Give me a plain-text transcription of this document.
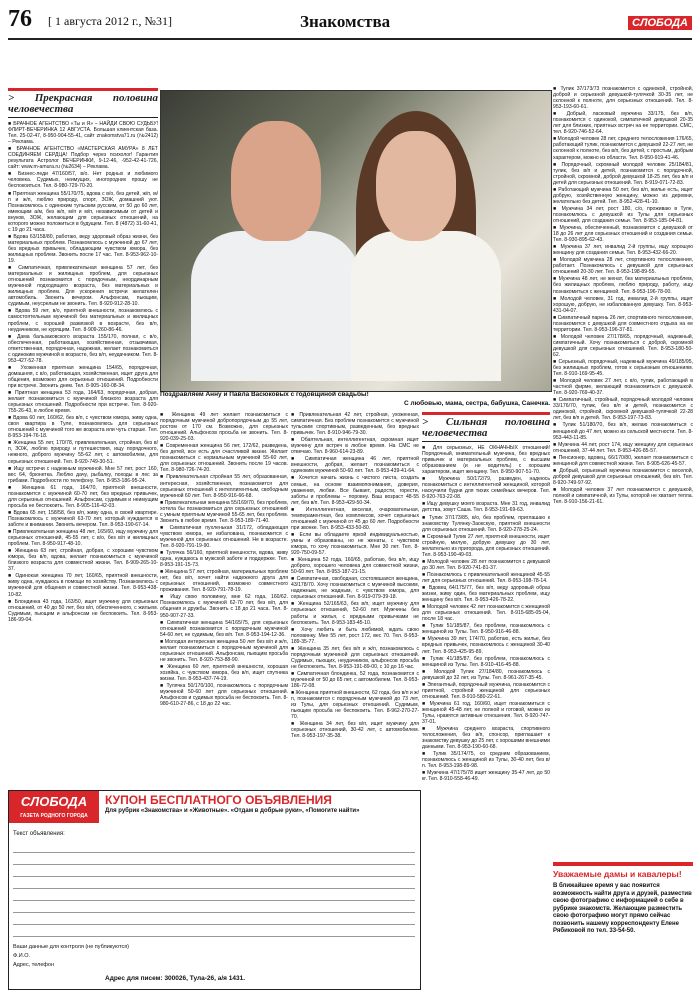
76 [ 1 августа 2012 г., №31]	Знакомства	СЛОБОДА
> Прекрасная половина человечества

■ БРАЧНОЕ АГЕНТСТВО «Ты и Я» – НАЙДИ СВОЮ СУДЬБУ! ФЛИРТ-ВЕЧЕРИНКА 12 АВГУСТА. Большая клиентская база. Тел. 25-02-47, 8-950-904-55-41, сайт znakomstva71.ru (№2412) – Реклама.

■ БРАЧНОЕ АГЕНТСТВО «МАСТЕРСКАЯ АМУРА» 8 ЛЕТ СОЕДИНЯЕМ СЕРДЦА! Подбор через психолог! Гарантия результата Астролог ВЕЧЕРИНКИ, 9-12-46, -952-42-41-726, сайт: www.m-amura.ru (№2634) – Реклама.

■ Бизнес-леди 47/160/57, в/о. Нет родных и любимого человека. Судимых, неимущих, иногородних прошу не беспокоиться. Тел. 8-980-729-70-20.

■ Приятная женщина 55/170/75, вдова с в/о, без детей, ж/п, м/п и ж/п, люблю природу, спорт, ЗОЖ, домашний уют. Познакомлюсь с одиноким тульским русским, от 50 до 60 лет, имеющим а/м, без ж/п, м/п и м/п, независимым от детей и внуков, ЗОЖ, желающим для серьезных отношений, на которого можно положиться в будущем. Тел. 8 (4872) 31-60-41, с 19 до 21 часа.

■ Вдова 63/158/80, работаю, веду здоровый образ жизни, без материальных проблем. Познакомлюсь с мужчиной до 67 лет, без вредных привычек, обладающим чувством юмора, без жилищных проблем. Звонить после 17 час. Тел. 8-953-962-10-19.

■ Симпатичная, привлекательная женщина 57 лет, без материальных и жилищных проблем, для серьезных отношений познакомится с порядочным, неординарным мужчиной подходящего возраста, без материальных и жилищных проблем. Для ускорения встречи желателен автомобиль. Звонить вечером. Альфонсам, пьющим, судимым, неусрелым не звонить. Тел. 8-920-912-28-10.

■ Вдова 59 лет, в/о, приятной внешности, познакомлюсь с самостоятельным мужчиной без материальных и жилищных проблем, с хорошей развязкой в возрасте, без в/п, неудачником, не курящим. Тел. 8-909-260-86-46.

■ Дама бальзаковского возраста 155/170, полная, с в/о, обеспеченная, работающая, хозяйственная, отзывчивая, ответственная, порядочная, надежная, желает познакомиться с одиноким мужчиной в возрасте, без в/п, неудачником. Тел. 8-953-427-52-78.

■ Ухоженная приятная женщина 154/65, порядочная, домашняя, с в/о, работающая, хозяйственная, ищет друга для общения, возможно для серьезных отношений. Подробности при встрече. Звонить днем. Тел. 8-905-160-08-34.

■ Приятная женщина 53 года, 164/63, порядочная, добрая, желает познакомиться с мужчиной близкого возраста для серьезных отношений. Подробности при встрече. Тел. 8-920-755-26-43, в любое время.

■ Вдова 60 лет, 160/62, без в/п, с чувством юмора, живу одна, своя квартира в Туле, познакомлюсь для серьезных отношений с мужчиной того же возраста или чуть старше. Тел. 8-953-194-76-18.

■ Женщина 55 лет, 170/78, привлекательная, стройная, без в/п, ЗОЖ, люблю природу и путешествия, ищу порядочного, нежного, доброго мужчину 55-62 лет, с автомобилем, для серьезных отношений. Тел. 8-920-749-30-51.

■ Ищу встречи с надежным мужчиной. Мне 57 лет, рост 160, вес 64, брюнетка. Люблю дачу, рыбалку, походы в лес за грибами. Подробности по телефону. Тел. 8-953-186-95-24.

■ Женщина 61 года, 164/70, приятной внешности, познакомится с мужчиной 60-70 лет, без вредных привычек, для серьезных отношений. Альфонсам, судимым и неимущим просьба не беспокоить. Тел. 8-905-116-42-03.

■ Вдова 65 лет, 158/58, без в/п, живу одна, в своей квартире. Познакомлюсь с мужчиной 63-70 лет, который нуждается в заботе и внимании. Звонить вечером. Тел. 8-953-190-67-14.

■ Привлекательная женщина 48 лет, 165/60, ищу мужчину для серьезных отношений, 45-55 лет, с в/о, без в/п и жилищных проблем. Тел. 8-950-917-48-10.

■ Женщина 63 лет, стройная, добрая, с хорошим чувством юмора, без в/п, вдова, желает познакомиться с мужчиной близкого возраста для совместной жизни. Тел. 8-909-265-10-37.

■ Одинокая женщина 70 лет, 160/65, приятной внешности, живу одна, нуждаюсь в помощи по хозяйству. Познакомлюсь с мужчиной для общения и совместной жизни. Тел. 8-953-438-10-82.

■ Блондинка 43 года, 163/50, ищет мужчину для серьезных отношений, от 40 до 50 лет, без в/п, обеспеченного, с жильем. Судимым, пьющим и альфонсам не беспокоить. Тел. 8-953-186-99-04.

Поздравляем Анну и Павла Васюковых с годовщиной свадьбы!
С любовью, мама, сестра, бабушка, Санечка.

■ Женщина 49 лет желает познакомиться с порядочным мужчиной добропорядочным до 55 лет, ростом от 170 см. Возможно, для серьезных отношений. Альфонсов просьба не звонить. Тел. 8-920-039-25-03.

■ Современная женщина 56 лет, 172/62, разведена, без детей, все есть для счастливой жизни. Желает познакомиться с нормальным мужчиной 55-60 лет, для серьезных отношений. Звонить после 19 часов. Тел. 8-980-726-74-20.

■ Привлекательная стройная 55 лет, образованная, интересная, хозяйственная, познакомится для серьезных отношений с интеллигентным, свободным мужчиной 60 лет. Тел. 8-950-916-66-68.

■ Привлекательная женщина 55/169/70, без проблем, хотела бы познакомиться для серьезных отношений с умным приятным мужчиной 55-65 лет, без проблем. Звонить в любое время. Тел. 8-953-189-71-40.

■ Симпатичная пухленькая 31/172, обладающая чувством юмора, не избалована, познакомится с мужчиной для серьезных отношений. Не в возрасте. Тел. 8-920-791-19-90.

■ Тулячка 56/160, приятной внешности, вдова, живу одна, нуждаюсь в мужской заботе и поддержке. Тел. 8-953-191-15-73.

■ Женщина 57 лет, стройная, материальных проблем нет, без в/п, хочет найти надежного друга для серьезных отношений, возможно совместного проживания. Тел. 8-920-791-78-19.

■ Ищу свою половинку, мне 62 года, 160/62. Познакомлюсь с мужчиной 62-70 лет, без в/п, для общения и дружбы. Звонить с 18 до 21 часа. Тел. 8-950-907-27-33.

■ Симпатичная женщина 54/165/75, для серьезных отношений познакомится с порядочным мужчиной 54-60 лет, не судимым, без в/п. Тел. 8-953-194-12-36.

■ Молодая интересная женщина 50 лет без в/п и ж/п, желает познакомиться с порядочным мужчиной для серьезных отношений. Альфонсам, пьющим просьба не звонить. Тел. 8-920-753-88-90.

■ Женщина 60 лет, приятной внешности, хорошая хозяйка, с чувством юмора, без в/п, ищет спутника жизни. Тел. 8-953-437-74-19.

■ Тулячка 50/170/100, познакомлюсь с порядочным мужчиной 50-60 лет для серьезных отношений. Альфонсов и судимых просьба не беспокоить. Тел. 8-980-610-27-86, с 18 до 22 час.

■ Привлекательная 42 лет, стройная, ухоженная, симпатичная. Без проблем познакомится с мужчиной тульским спортивным, разведенным, без вредных привычек. Тел. 8-910-946-79-30.

■ Обаятельная, интеллигентная, скромная ищет мужчину для встреч в любое время. На СМС не отвечаю. Тел. 8-960-614-23-89.

■ Симпатичная женщина 46 лет, приятной внешности, добрая, желает познакомиться с одиноким мужчиной 50-60 лет. Тел. 8-953-439-41-64.

■ Хочется начать жизнь с чистого листа, создать семью, на основе взаимопонимания, доверия, уважения, любви. Все бывает, радости, горести, заботы и проблемы – поровну. Ваш возраст 48-55 лет, без в/п. Тел. 8-953-429-50-34.

■ Интеллигентная, веселая, очаровательная, темпераментная, без комплексов, хочет серьезных отношений с мужчиной от 45 до 60 лет. Подробности при звонке. Тел. 8-953-433-50-80.

■ Если вы обладаете яркой индивидуальностью, умны и образованы, но не женаты, с чувством юмора, то хочу познакомиться. Мне 30 лет. Тел. 8-920-750-09-57.

■ Женщина 52 года, 160/65, работаю, без в/п, ищу доброго, хорошего человека для совместной жизни, 50-60 лет. Тел. 8-953-187-21-15.

■ Симпатичная, свободная, состоявшаяся женщина, 43/178/70. Хочу познакомиться с мужчиной высоким, надежным, не жадным, с чувством юмора, для серьезных отношений. Тел. 8-919-079-39-18.

■ Женщина 52/165/63, без в/п, ищет мужчину для серьезных отношений, 52-60 лет. Мужчины без работы и жилья, с вредными привычками не беспокоить. Тел. 8-953-183-45-10.

■ Хочу любить и быть любимой, ждать свою половинку. Мне 55 лет, рост 172, вес 70. Тел. 8-953-189-35-77.

■ Женщина 35 лет, без в/п и ж/п, познакомлюсь с порядочным мужчиной для серьезных отношений. Судимых, пьющих, неудачников, альфонсов просьба не беспокоить. Тел. 8-953-191-89-00, с 10 до 16 час.

■ Симпатичная блондинка, 52 года, познакомится с мужчиной от 50 до 65 лет, с автомобилем. Тел. 8-953-186-72-08.

■ Женщина приятной внешности, 62 года, без в/п и ж/п, познакомится с порядочным мужчиной до 73 лет, из Тулы, для серьезных отношений. Судимым, пьющим просьба не беспокоить. Тел. 8-962-270-27-70.

■ Женщина 34 лет, без в/п, ищет мужчину для серьезных отношений, 30-42 лет, с автомобилем. Тел. 8-953-197-35-38.

> Сильная половина человечества

■ Для серьезных, НЕ ОКНАЧНЫХ отношений! Порядочный, внимательный мужчина, без вредных привычек и материальных проблем, с высшим образованием (и не водитель) с хорошим характером, ищет женщину. Тел. 8-950-907-51-70.

■ Мужчина 50/172/79, разведен, надеюсь познакомиться с интеллигентной женщиной, которой наскучили будни для тихих семейных вечеров. Тел. 8-920-763-22-08.

■ Ищу девушку моего возраста. Мне 31 год, инвалид детства, зовут Саша. Тел. 8-953-191-69-63.

■ Тулик 37/173/85, в/о, без проблем, приглашаю к знакомству Тулянку-Заокскую, приятной внешности для серьезных отношений. Тел. 8-920-278-25-24.

■ Скромный Тулик 27 лет, приятной внешности, ищет стройную, милую, добрую девушку до 30 лет, желательно из пригорода, для серьезных отношений. Тел. 8-953-190-49-03.

■ Молодой человек 28 лет познакомится с девушкой до 30 лет. Тел. 8-920-741-81-37.

■ Познакомлюсь с привлекательной женщиной 45-55 лет для серьезных отношений. Тел. 8-953-198-78-14.

■ Вдовец 64/175/77, без в/п, веду здоровый образ жизни, живу один, без материальных проблем, ищу женщину без в/п. Тел. 8-953-426-78-22.

■ Молодой человек 42 лет познакомится с женщиной для серьезных отношений. Тел. 8-915-685-05-04, после 18 час.

■ Тулик 51/185/87, без проблем, познакомлюсь с женщиной из Тулы. Тел. 8-950-916-46-88.

■ Мужчина 39 лет, 174/70, работаю, есть жилье, без вредных привычек, познакомлюсь с женщиной 30-40 лет. Тел. 8-953-425-95-89.

■ Тулик 41/185/87, без проблем, познакомлюсь с женщиной из Тулы. Тел. 8-910-416-45-88.

■ Молодой Тулик 27/184/80, познакомлюсь с девушкой до 32 лет, из Тулы. Тел. 8-961-267-35-45.

■ Элегантный, порядочный мужчина, познакомится с приятной, стройной женщиной для серьезных отношений. Тел. 8-910-580-22-61.

■ Мужчина 61 год, 160/60, ищет познакомиться с женщиной 45-48 лет, не полной и готовой, можно из Тулы, нравятся активные отношения. Тел. 8-920-747-37-01.

■ Мужчина среднего возраста, спортивного телосложения, без в/п, спонсор, приглашает к знакомству девушку до 25 лет, с хорошими внешними данными. Тел. 8-953-190-60-68.

■ Тулик 35/174/75, со средним образованием, познакомлюсь с женщиной из Тулы, 30-40 лет, без в/п. Тел. 8-953-198-89-98.

■ Мужчина 47/175/78 ищет женщину 35-47 лет, до 50 кг. Тел. 8-910-558-46-49.

■ Тулик 37/173/73 познакомится с одинокой, стройной, доброй и серьезной девушкой-тулячкой 30-35 лет, не склонной к полноте, для серьезных отношений. Тел. 8-953-193-60-61.

■ Добрый, ласковый мужчина 33/175, без в/п, познакомится с одинокой, симпатичной девушкой 20-35 лет для близких, приятных встреч на ее территории. СМС, тел. 8-920-746-52-64.

■ Молодой человек 28 лет, среднего телосложения 176/65, работающий тулик, познакомится с девушкой 22-27 лет, не склонной к полноте, без в/п, без детей, с простым, добрым характером, можно из области. Тел. 8-950-919-41-46.

■ Порядочный, скромный молодой человек 25/184/81, тулик, без в/п и детей, познакомится с порядочной, стройной, скромной, доброй девушкой 18-25 лет, без в/п и детей для серьезных отношений. Тел. 8-919-071-72-83.

■ Работающий мужчина 50 лет, без в/п, жилье есть, ищет добрую, хозяйственную женщину, можно из деревни, желательно без детей. Тел. 8-952-428-41-10.

■ Мужчина 34 лет, рост 180, с/о, проживаю в Туле, познакомлюсь с девушкой из Тулы для серьезных отношений, для создания семьи. Тел. 8-953-185-04-81.

■ Мужчина, обеспеченный, познакомится с девушкой от 18 до 26 лет для серьезных отношений и создания семьи. Тел. 8-930-895-62-43.

■ Мужчина 37 лет, инвалид 2-й группы, ищу хорошую женщину для создания семьи. Тел. 8-953-432-66-20.

■ Молодой мужчина 28 лет, спортивного телосложения, работает. Познакомлюсь с девушкой для серьезных отношений 20-30 лет. Тел. 8-953-198-89-55.

■ Мужчина 48 лет, не женат, без материальных проблем, без жилищных проблем, люблю природу, работу, ищу познакомиться с женщиной. Тел. 8-953-196-78-00.

■ Молодой человек, 31 год, инвалид 2-й группы, ищет хорошую, добрую, не избалованную девушку. Тел. 8-953-431-04-07.

■ Симпатичный парень 26 лет, спортивного телосложения, познакомится с девушкой для совместного отдыха на ее территории. Тел. 8-953-196-37-81.

■ Молодой человек 27/178/65, порядочный, надежный, симпатичный. Хочу познакомиться с доброй, скромной девушкой для серьезных отношений. Тел. 8-953-180-50-62.

■ Серьезный, порядочный, надежный мужчина 49/185/95, без жилищных проблем, готов к серьезным отношениям. Тел. 8-910-169-95-45.

■ Молодой человек 27 лет, с в/о, тулик, работающий в частной фирме, желающий познакомиться с девушкой. Тел. 8-920-769-40-37.

■ Симпатичный, стройный, порядочный молодой человек 33/176/70, тулик, без в/п и детей, познакомится с одинокой, стройной, скромной девушкой-тулячкой 22-28 лет, без в/п и детей. Тел. 8-953-197-73-83.

■ Тулик 51/180/70, без в/п, желаю познакомиться с женщиной до 47 лет, можно из сельской местности. Тел. 8-953-443-11-85.

■ Мужчина 44 лет, рост 174, ищу женщину для серьезных отношений, 37-44 лет. Тел. 8-953-426-85-57.

■ Пенсионер, вдовец, 66/170/80, желает познакомиться с женщиной для совместной жизни. Тел. 8-905-626-45-57.

■ Добрый, серьезный мужчина познакомится с веселой, доброй девушкой для серьезных отношений, без в/п. Тел. 8-920-749-97-92.

■ Молодой человек 37 лет познакомится с девушкой, полной и симпатичной, из Тулы, которой не хватает тепла. Тел. 8-910-156-21-61.

Уважаемые дамы и кавалеры!
В ближайшее время у вас появится возможность найти друга и друзей, разместив свою фотографию с информацией о себе в рубрике знакомств. Желающие разместить свою фотографию могут прямо сейчас позвонить нашему корреспонденту Елене Рябиковой по тел. 33-54-50.
СЛОБОДА
ГАЗЕТА РОДНОГО ГОРОДА
КУПОН БЕСПЛАТНОГО ОБЪЯВЛЕНИЯ
Для рубрик «Знакомства» и «Животные». «Отдам в добрые руки», «Помогите найти»
Текст объявления:
Ваши данные для контроля (не публикуются)
Ф.И.О.
Адрес, телефон
Адрес для писем: 300026, Тула-26, а/я 1431.
